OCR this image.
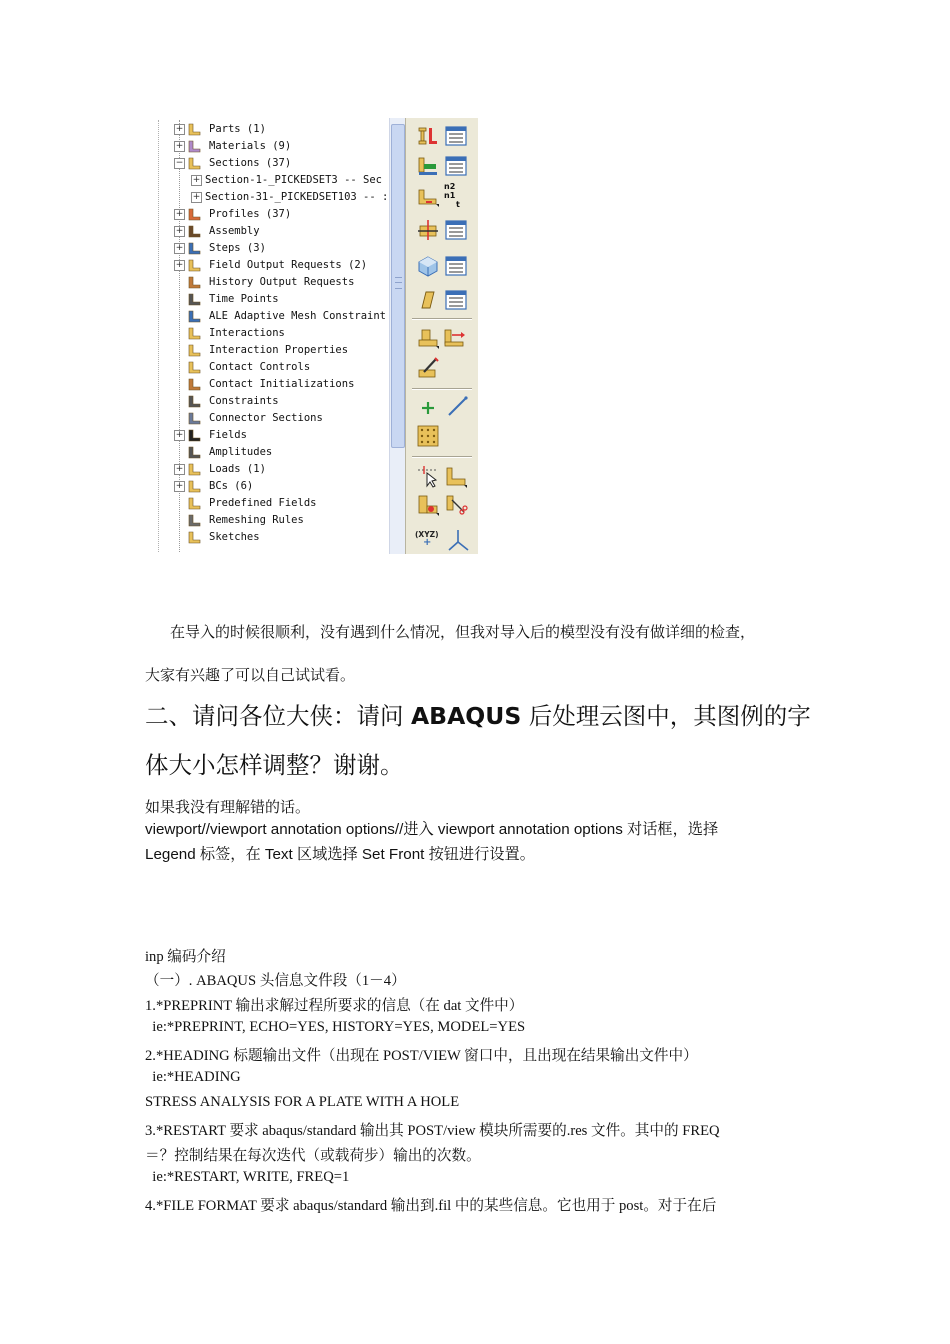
+ Parts (1)
+ Materials (9)
− Sections (37)
+ Section-1-_PICKEDSET3 -- Sec
+ Section-31-_PICKEDSET103 -- :
+ Profiles (37)
+ Assembly
+ Steps (3)
+ Field Output Requests (2)
History Output Requests
Time Points
ALE Adaptive Mesh Constraint
Interactions
Interaction Properties
Contact Controls
Contact Initializations
Constraints
Connector Sections
+ Fields
Amplitudes
+ Loads (1)
+ BCs (6)
Predefined Fields
Remeshing Rules
Sketches
n2 n1
t
(XYZ)
+
在导入的时候很顺利，没有遇到什么情况，但我对导入后的模型没有没有做详细的检查，
大家有兴趣了可以自己试试看。
二、请问各位大侠：请问 ABAQUS 后处理云图中，其图例的字
体大小怎样调整？谢谢。
如果我没有理解错的话。
viewport//viewport annotation options//进入 viewport annotation options 对话框，选择
Legend 标签，在 Text 区域选择 Set Front 按钮进行设置。
inp 编码介绍
（一）. ABAQUS 头信息文件段（1－4）
1.*PREPRINT 输出求解过程所要求的信息（在 dat 文件中）
ie:*PREPRINT, ECHO=YES, HISTORY=YES, MODEL=YES
2.*HEADING 标题输出文件（出现在 POST/VIEW 窗口中，且出现在结果输出文件中）
ie:*HEADING
STRESS ANALYSIS FOR A PLATE WITH A HOLE
3.*RESTART 要求 abaqus/standard 输出其 POST/view 模块所需要的.res 文件。其中的 FREQ
＝？控制结果在每次迭代（或载荷步）输出的次数。
ie:*RESTART, WRITE, FREQ=1
4.*FILE FORMAT 要求 abaqus/standard 输出到.fil 中的某些信息。它也用于 post。对于在后
